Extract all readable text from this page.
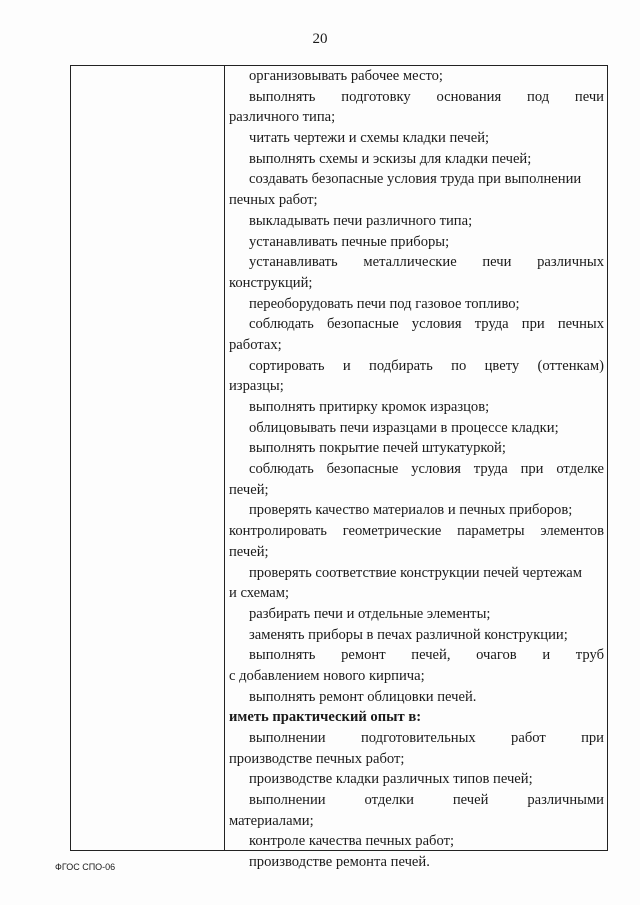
20
организовывать рабочее место;
выполнять подготовку основания под печи
различного типа;
читать чертежи и схемы кладки печей;
выполнять схемы и эскизы для кладки печей;
создавать безопасные условия труда при выполнении
печных работ;
выкладывать печи различного типа;
устанавливать печные приборы;
устанавливать металлические печи различных
конструкций;
переоборудовать печи под газовое топливо;
соблюдать безопасные условия труда при печных
работах;
сортировать и подбирать по цвету (оттенкам)
изразцы;
выполнять притирку кромок изразцов;
облицовывать печи изразцами в процессе кладки;
выполнять покрытие печей штукатуркой;
соблюдать безопасные условия труда при отделке
печей;
проверять качество материалов и печных приборов;
контролировать геометрические параметры элементов
печей;
проверять соответствие конструкции печей чертежам
и схемам;
разбирать печи и отдельные элементы;
заменять приборы в печах различной конструкции;
выполнять ремонт печей, очагов и труб
с добавлением нового кирпича;
выполнять ремонт облицовки печей.
иметь практический опыт в:
выполнении подготовительных работ при
производстве печных работ;
производстве кладки различных типов печей;
выполнении отделки печей различными
материалами;
контроле качества печных работ;
производстве ремонта печей.
ФГОС СПО-06
